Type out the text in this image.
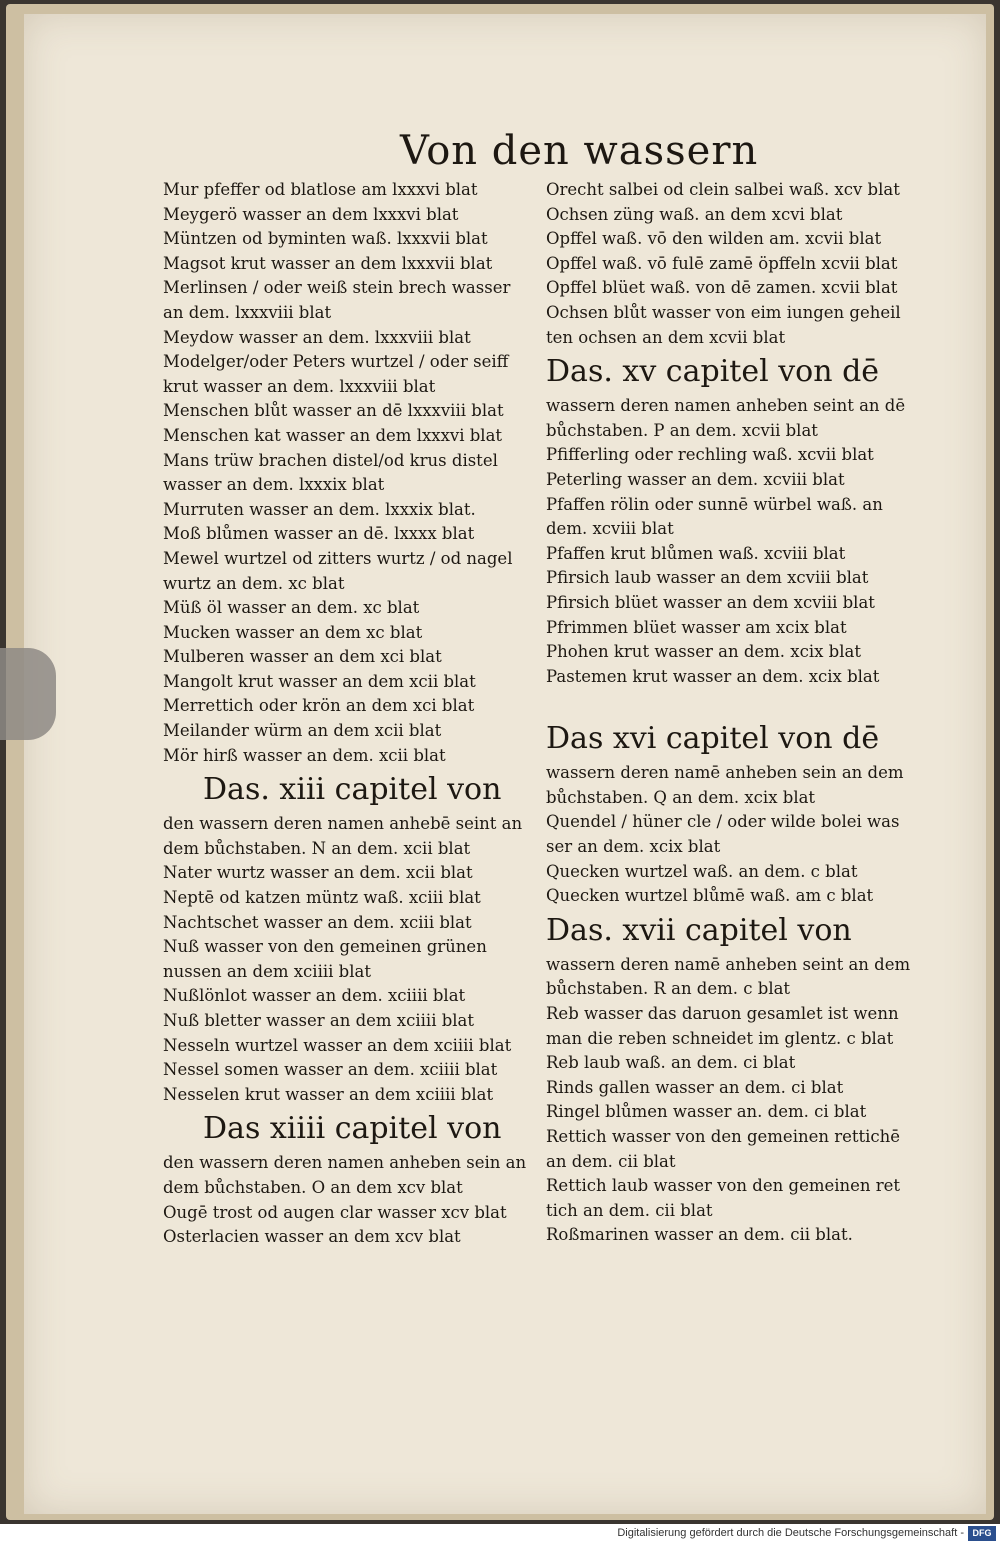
Von den wassern
Mur pfeffer od blatlose am lxxxvi blat
Meygerö wasser an dem lxxxvi blat
Müntzen od byminten waß. lxxxvii blat
Magsot krut wasser an dem lxxxvii blat
Merlinsen / oder weiß stein brech wasser
an dem. lxxxviii blat
Meydow wasser an dem. lxxxviii blat
Modelger/oder Peters wurtzel / oder seiff
krut wasser an dem. lxxxviii blat
Menschen blůt wasser an dē lxxxviii blat
Menschen kat wasser an dem lxxxvi blat
Mans trüw brachen distel/od krus distel
wasser an dem. lxxxix blat
Murruten wasser an dem. lxxxix blat.
Moß blůmen wasser an dē. lxxxx blat
Mewel wurtzel od zitters wurtz / od nagel
wurtz an dem. xc blat
Müß öl wasser an dem. xc blat
Mucken wasser an dem xc blat
Mulberen wasser an dem xci blat
Mangolt krut wasser an dem xcii blat
Merrettich oder krön an dem xci blat
Meilander würm an dem xcii blat
Mör hirß wasser an dem. xcii blat
Das. xiii capitel von
den wassern deren namen anhebē seint an
dem bůchstaben. N an dem. xcii blat
Nater wurtz wasser an dem. xcii blat
Neptē od katzen müntz waß. xciii blat
Nachtschet wasser an dem. xciii blat
Nuß wasser von den gemeinen grünen
nussen an dem xciiii blat
Nußlönlot wasser an dem. xciiii blat
Nuß bletter wasser an dem xciiii blat
Nesseln wurtzel wasser an dem xciiii blat
Nessel somen wasser an dem. xciiii blat
Nesselen krut wasser an dem xciiii blat
Das xiiii capitel von
den wassern deren namen anheben sein an
dem bůchstaben. O an dem xcv blat
Ougē trost od augen clar wasser xcv blat
Osterlacien wasser an dem xcv blat
Orecht salbei od clein salbei waß. xcv blat
Ochsen züng waß. an dem xcvi blat
Opffel waß. vō den wilden am. xcvii blat
Opffel waß. vō fulē zamē öpffeln xcvii blat
Opffel blüet waß. von dē zamen. xcvii blat
Ochsen blůt wasser von eim iungen geheil
ten ochsen an dem xcvii blat
Das. xv capitel von dē
wassern deren namen anheben seint an dē
bůchstaben. P an dem. xcvii blat
Pfifferling oder rechling waß. xcvii blat
Peterling wasser an dem. xcviii blat
Pfaffen rölin oder sunnē würbel waß. an
dem. xcviii blat
Pfaffen krut blůmen waß. xcviii blat
Pfirsich laub wasser an dem xcviii blat
Pfirsich blüet wasser an dem xcviii blat
Pfrimmen blüet wasser am xcix blat
Phohen krut wasser an dem. xcix blat
Pastemen krut wasser an dem. xcix blat
Das xvi capitel von dē
wassern deren namē anheben sein an dem
bůchstaben. Q an dem. xcix blat
Quendel / hüner cle / oder wilde bolei was
ser an dem. xcix blat
Quecken wurtzel waß. an dem. c blat
Quecken wurtzel blůmē waß. am c blat
Das. xvii capitel von
wassern deren namē anheben seint an dem
bůchstaben. R an dem. c blat
Reb wasser das daruon gesamlet ist wenn
man die reben schneidet im glentz. c blat
Reb laub waß. an dem. ci blat
Rinds gallen wasser an dem. ci blat
Ringel blůmen wasser an. dem. ci blat
Rettich wasser von den gemeinen rettichē
an dem. cii blat
Rettich laub wasser von den gemeinen ret
tich an dem. cii blat
Roßmarinen wasser an dem. cii blat.
Digitalisierung gefördert durch die Deutsche Forschungsgemeinschaft - DFG
